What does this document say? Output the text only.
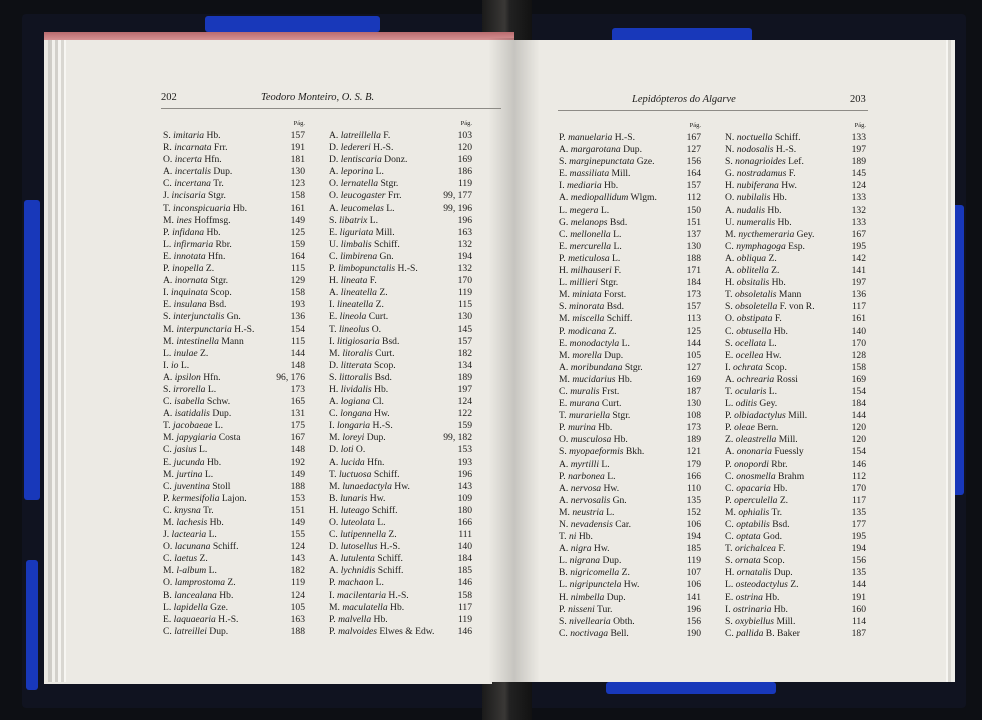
202	Teodoro Monteiro, O. S. B.
Pág.
S. imitaria Hb.	157
R. incarnata Frr.	191
O. incerta Hfn.	181
A. incertalis Dup.	130
C. incertana Tr.	123
J. incisaria Stgr.	158
T. inconspicuaria Hb.	161
M. ines Hoffmsg.	149
P. infidana Hb.	125
L. infirmaria Rbr.	159
E. innotata Hfn.	164
P. inopella Z.	115
A. inornata Stgr.	129
I. inquinata Scop.	158
E. insulana Bsd.	193
S. interjunctalis Gn.	136
M. interpunctaria H.-S.	154
M. intestinella Mann	115
L. inulae Z.	144
I. io L.	148
A. ipsilon Hfn.	96, 176
S. irrorella L.	173
C. isabella Schw.	165
A. isatidalis Dup.	131
T. jacobaeae L.	175
M. japygiaria Costa	167
C. jasius L.	148
E. jucunda Hb.	192
M. jurtina L.	149
C. juventina Stoll	188
P. kermesifolia Lajon.	153
C. knysna Tr.	151
M. lachesis Hb.	149
J. lactearia L.	155
O. lacunana Schiff.	124
C. laetus Z.	143
M. l-album L.	182
O. lamprostoma Z.	119
B. lancealana Hb.	124
L. lapidella Gze.	105
E. laquaearia H.-S.	163
C. latreillei Dup.	188
Pág.
A. latreillella F.	103
D. ledereri H.-S.	120
D. lentiscaria Donz.	169
A. leporina L.	186
O. lernatella Stgr.	119
O. leucogaster Frr.	99, 177
A. leucomelas L.	99, 196
S. libatrix L.	196
E. liguriata Mill.	163
U. limbalis Schiff.	132
C. limbirena Gn.	194
P. limbopunctalis H.-S.	132
H. lineata F.	170
A. lineatella Z.	119
I. lineatella Z.	115
E. lineola Curt.	130
T. lineolus O.	145
I. litigiosaria Bsd.	157
M. litoralis Curt.	182
D. litterata Scop.	134
S. littoralis Bsd.	189
H. lividalis Hb.	197
A. logiana Cl.	124
C. longana Hw.	122
I. longaria H.-S.	159
M. loreyi Dup.	99, 182
D. loti O.	153
A. lucida Hfn.	193
T. luctuosa Schiff.	196
M. lunaedactyla Hw.	143
B. lunaris Hw.	109
H. luteago Schiff.	180
O. luteolata L.	166
C. lutipennella Z.	111
D. lutosellus H.-S.	140
A. lutulenta Schiff.	184
A. lychnidis Schiff.	185
P. machaon L.	146
I. macilentaria H.-S.	158
M. maculatella Hb.	117
P. malvella Hb.	119
P. malvoides Elwes & Edw.	146
Lepidópteros do Algarve	203
Pág.
P. manuelaria H.-S.	167
A. margarotana Dup.	127
S. marginepunctata Gze.	156
E. massiliata Mill.	164
I. mediaria Hb.	157
A. mediopallidum Wlgm.	112
L. megera L.	150
G. melanops Bsd.	151
C. mellonella L.	137
E. mercurella L.	130
P. meticulosa L.	188
H. milhauseri F.	171
L. millieri Stgr.	184
M. miniata Forst.	173
S. minorata Bsd.	157
M. miscella Schiff.	113
P. modicana Z.	125
E. monodactyla L.	144
M. morella Dup.	105
A. moribundana Stgr.	127
M. mucidarius Hb.	169
C. muralis Frst.	187
E. murana Curt.	130
T. murariella Stgr.	108
P. murina Hb.	173
O. musculosa Hb.	189
S. myopaeformis Bkh.	121
A. myrtilli L.	179
P. narbonea L.	166
A. nervosa Hw.	110
A. nervosalis Gn.	135
M. neustria L.	152
N. nevadensis Car.	106
T. ni Hb.	194
A. nigra Hw.	185
L. nigrana Dup.	119
B. nigricomella Z.	107
L. nigripunctela Hw.	106
H. nimbella Dup.	141
P. nisseni Tur.	196
S. nivellearia Obth.	156
C. noctivaga Bell.	190
Pág.
N. noctuella Schiff.	133
N. nodosalis H.-S.	197
S. nonagrioides Lef.	189
G. nostradamus F.	145
H. nubiferana Hw.	124
O. nubilalis Hb.	133
A. nudalis Hb.	132
U. numeralis Hb.	133
M. nycthemeraria Gey.	167
C. nymphagoga Esp.	195
A. obliqua Z.	142
A. oblitella Z.	141
H. obsitalis Hb.	197
T. obsoletalis Mann	136
S. obsoletella F. von R.	117
O. obstipata F.	161
C. obtusella Hb.	140
S. ocellata L.	170
E. ocellea Hw.	128
I. ochrata Scop.	158
A. ochrearia Rossi	169
T. ocularis L.	154
L. oditis Gey.	184
P. olbiadactylus Mill.	144
P. oleae Bern.	120
Z. oleastrella Mill.	120
A. ononaria Fuessly	154
P. onopordi Rbr.	146
C. onosmella Brahm	112
C. opacaria Hb.	170
P. operculella Z.	117
M. ophialis Tr.	135
C. optabilis Bsd.	177
C. optata God.	195
T. orichalcea F.	194
S. ornata Scop.	156
H. ornatalis Dup.	135
L. osteodactylus Z.	144
E. ostrina Hb.	191
I. ostrinaria Hb.	160
S. oxybiellus Mill.	114
C. pallida B. Baker	187
